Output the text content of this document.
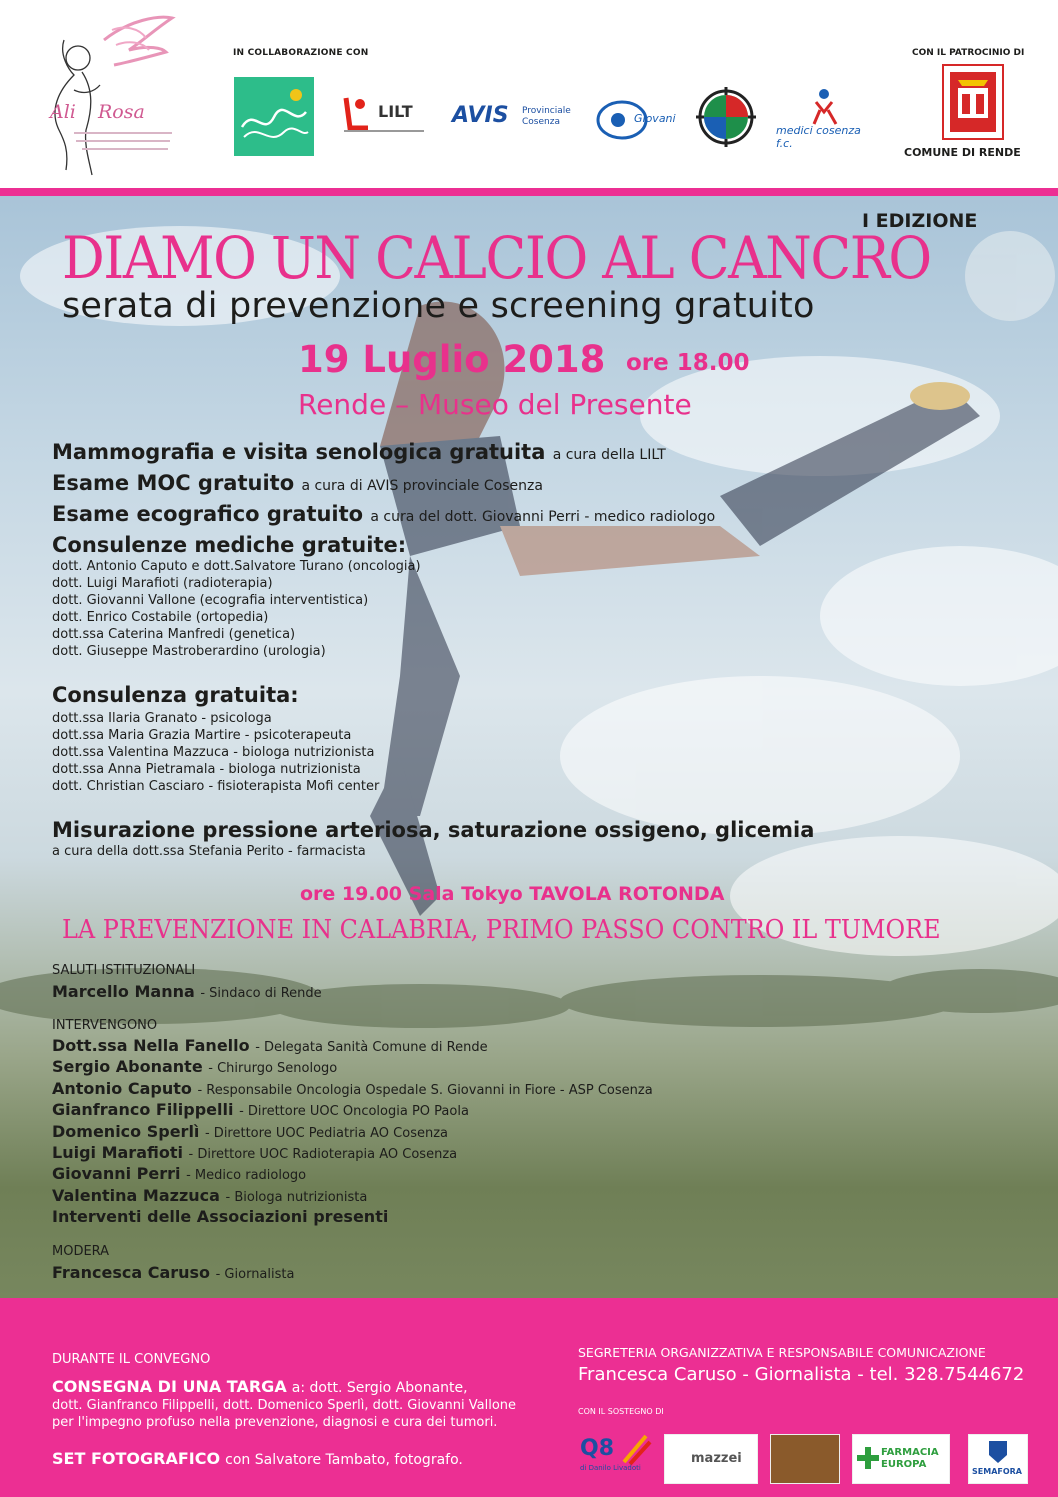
Ali Rosa
IN COLLABORAZIONE CON	CON IL PATROCINIO DI
LILT AVIS Provinciale
Cosenza	Giovani
medici cosenza f.c.
COMUNE DI RENDE
I EDIZIONE
DIAMO UN CALCIO AL CANCRO
serata di prevenzione e screening gratuito
19 Luglio 2018 ore 18.00
Rende – Museo del Presente
Mammografia e visita senologica gratuita a cura della LILT
Esame MOC gratuito a cura di AVIS provinciale Cosenza
Esame ecografico gratuito a cura del dott. Giovanni Perri - medico radiologo
Consulenze mediche gratuite:
dott. Antonio Caputo e dott.Salvatore Turano (oncologia)
dott. Luigi Marafioti (radioterapia)
dott. Giovanni Vallone (ecografia interventistica)
dott. Enrico Costabile (ortopedia)
dott.ssa Caterina Manfredi (genetica)
dott. Giuseppe Mastroberardino (urologia)
Consulenza gratuita:
dott.ssa Ilaria Granato - psicologa
dott.ssa Maria Grazia Martire - psicoterapeuta
dott.ssa Valentina Mazzuca - biologa nutrizionista
dott.ssa Anna Pietramala - biologa nutrizionista
dott. Christian Casciaro - fisioterapista Mofi center
Misurazione pressione arteriosa, saturazione ossigeno, glicemia
a cura della dott.ssa Stefania Perito - farmacista
ore 19.00 Sala Tokyo TAVOLA ROTONDA
LA PREVENZIONE IN CALABRIA, PRIMO PASSO CONTRO IL TUMORE
SALUTI ISTITUZIONALI
Marcello Manna - Sindaco di Rende
INTERVENGONO
Dott.ssa Nella Fanello - Delegata Sanità Comune di Rende
Sergio Abonante - Chirurgo Senologo
Antonio Caputo - Responsabile Oncologia Ospedale S. Giovanni in Fiore - ASP Cosenza
Gianfranco Filippelli - Direttore UOC Oncologia PO Paola
Domenico Sperlì - Direttore UOC Pediatria AO Cosenza
Luigi Marafioti - Direttore UOC Radioterapia AO Cosenza
Giovanni Perri - Medico radiologo
Valentina Mazzuca - Biologa nutrizionista
Interventi delle Associazioni presenti
MODERA
Francesca Caruso - Giornalista
DURANTE IL CONVEGNO
CONSEGNA DI UNA TARGA a: dott. Sergio Abonante,
dott. Gianfranco Filippelli, dott. Domenico Sperlì, dott. Giovanni Vallone
per l'impegno profuso nella prevenzione, diagnosi e cura dei tumori.
SET FOTOGRAFICO con Salvatore Tambato, fotografo.
SEGRETERIA ORGANIZZATIVA E RESPONSABILE COMUNICAZIONE
Francesca Caruso - Giornalista - tel. 328.7544672
CON IL SOSTEGNO DI
Q8
di Danilo Livadoti
mazzei	FARMACIA EUROPA
SEMAFORA
